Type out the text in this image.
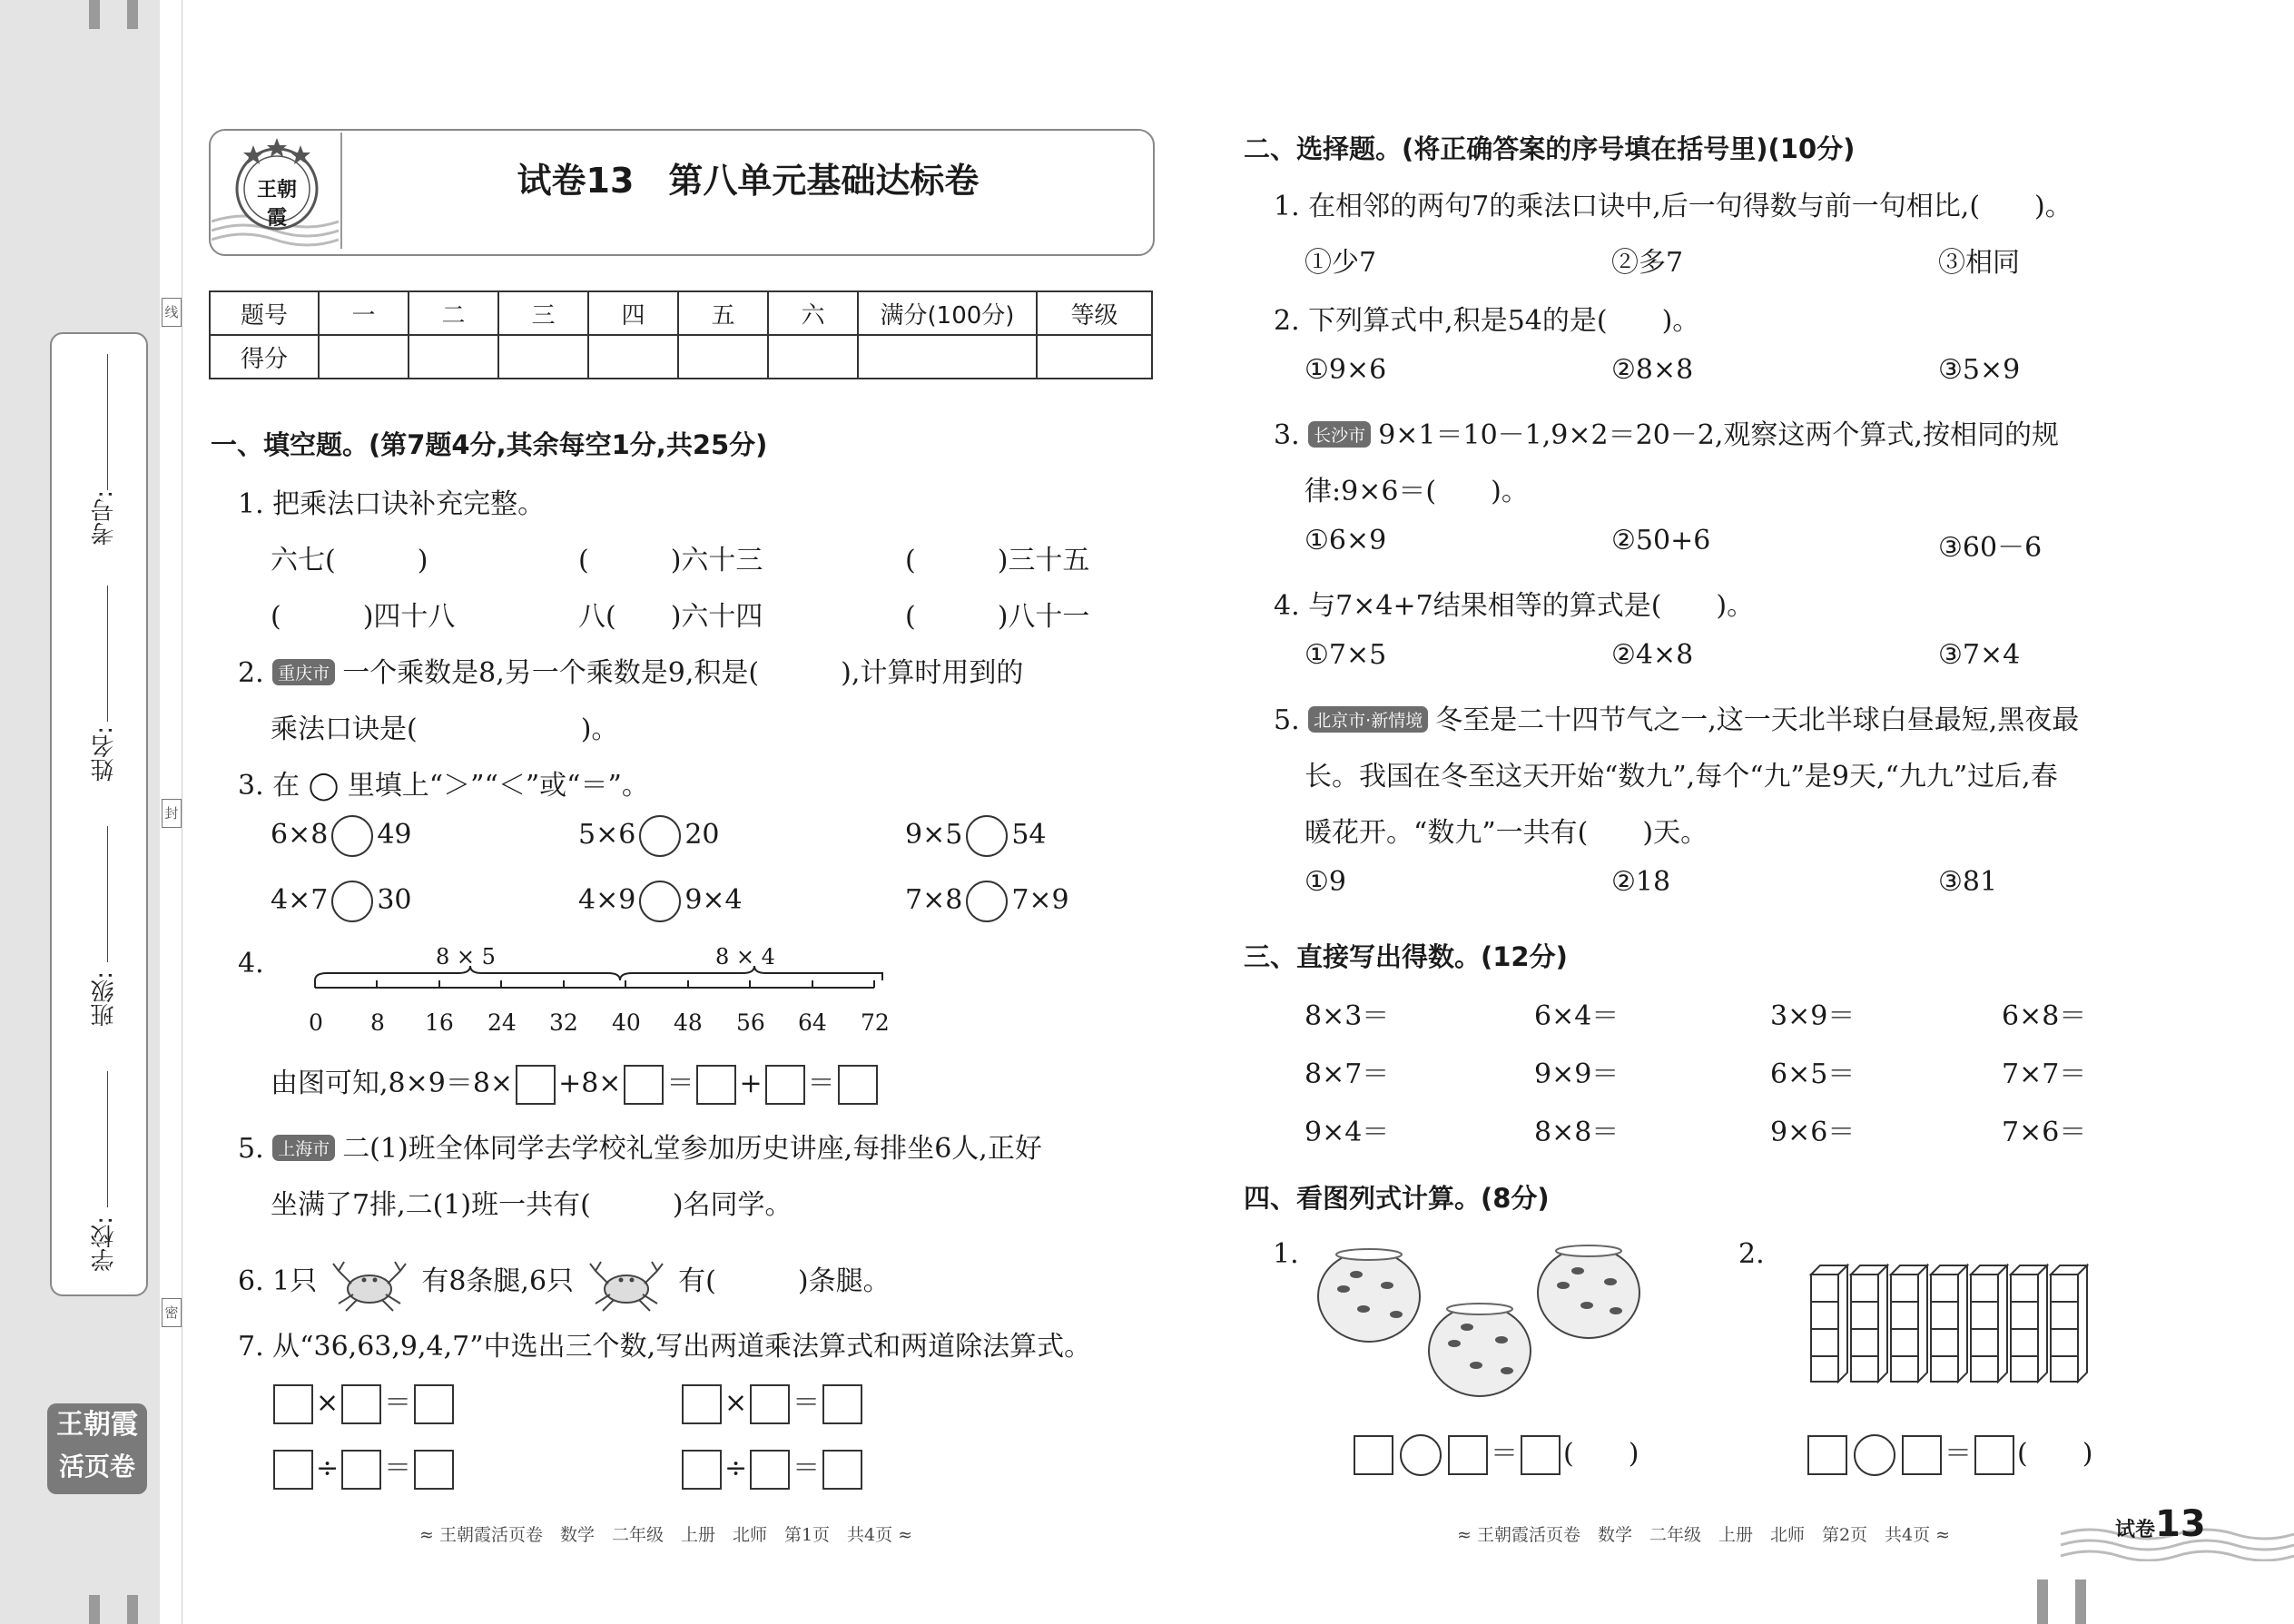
学校:
班级:
姓名:
考号:
线
封
密
王朝霞
活页卷
王朝霞
试卷13　第八单元基础达标卷
题号	一	二	三	四	五	六	满分(100分)	等级
得分								
一、填空题。(第7题4分,其余每空1分,共25分)
1. 把乘法口诀补充完整。
六七(　　　)	(　　　)六十三	(　　　)三十五
(　　　)四十八	八(　　)六十四	(　　　)八十一
2. 重庆市 一个乘数是8,另一个乘数是9,积是(　　　),计算时用到的
乘法口诀是(　　　　　　)。
3. 在 ◯ 里填上“＞”“＜”或“＝”。
6×8 49	5×6 20	9×5 54
4×7 30	4×9 9×4	7×8 7×9
4.	8 × 5	8 × 4
0 8 16 24 32 40 48 56 64 72
由图可知,8×9＝8× +8× ＝ + ＝
5. 上海市 二(1)班全体同学去学校礼堂参加历史讲座,每排坐6人,正好
坐满了7排,二(1)班一共有(　　　)名同学。
6. 1只	有8条腿,6只	有(　　　)条腿。
7. 从“36,63,9,4,7”中选出三个数,写出两道乘法算式和两道除法算式。
× ＝	× ＝
÷ ＝	÷ ＝
≈ 王朝霞活页卷　数学　二年级　上册　北师　第1页　共4页 ≈
二、选择题。(将正确答案的序号填在括号里)(10分)
1. 在相邻的两句7的乘法口诀中,后一句得数与前一句相比,(　　)。
①少7	②多7	③相同
2. 下列算式中,积是54的是(　　)。
①9×6	②8×8	③5×9
3. 长沙市 9×1＝10－1,9×2＝20－2,观察这两个算式,按相同的规
律:9×6＝(　　)。
①6×9	②50+6	③60－6
4. 与7×4+7结果相等的算式是(　　)。
①7×5	②4×8	③7×4
5. 北京市·新情境 冬至是二十四节气之一,这一天北半球白昼最短,黑夜最
长。我国在冬至这天开始“数九”,每个“九”是9天,“九九”过后,春
暖花开。“数九”一共有(　　)天。
①9	②18	③81
三、直接写出得数。(12分)
8×3＝	6×4＝	3×9＝	6×8＝
8×7＝	9×9＝	6×5＝	7×7＝
9×4＝	8×8＝	9×6＝	7×6＝
四、看图列式计算。(8分)
1.
＝ (　　)
2.
＝ (　　)
≈ 王朝霞活页卷　数学　二年级　上册　北师　第2页　共4页 ≈	试卷13
